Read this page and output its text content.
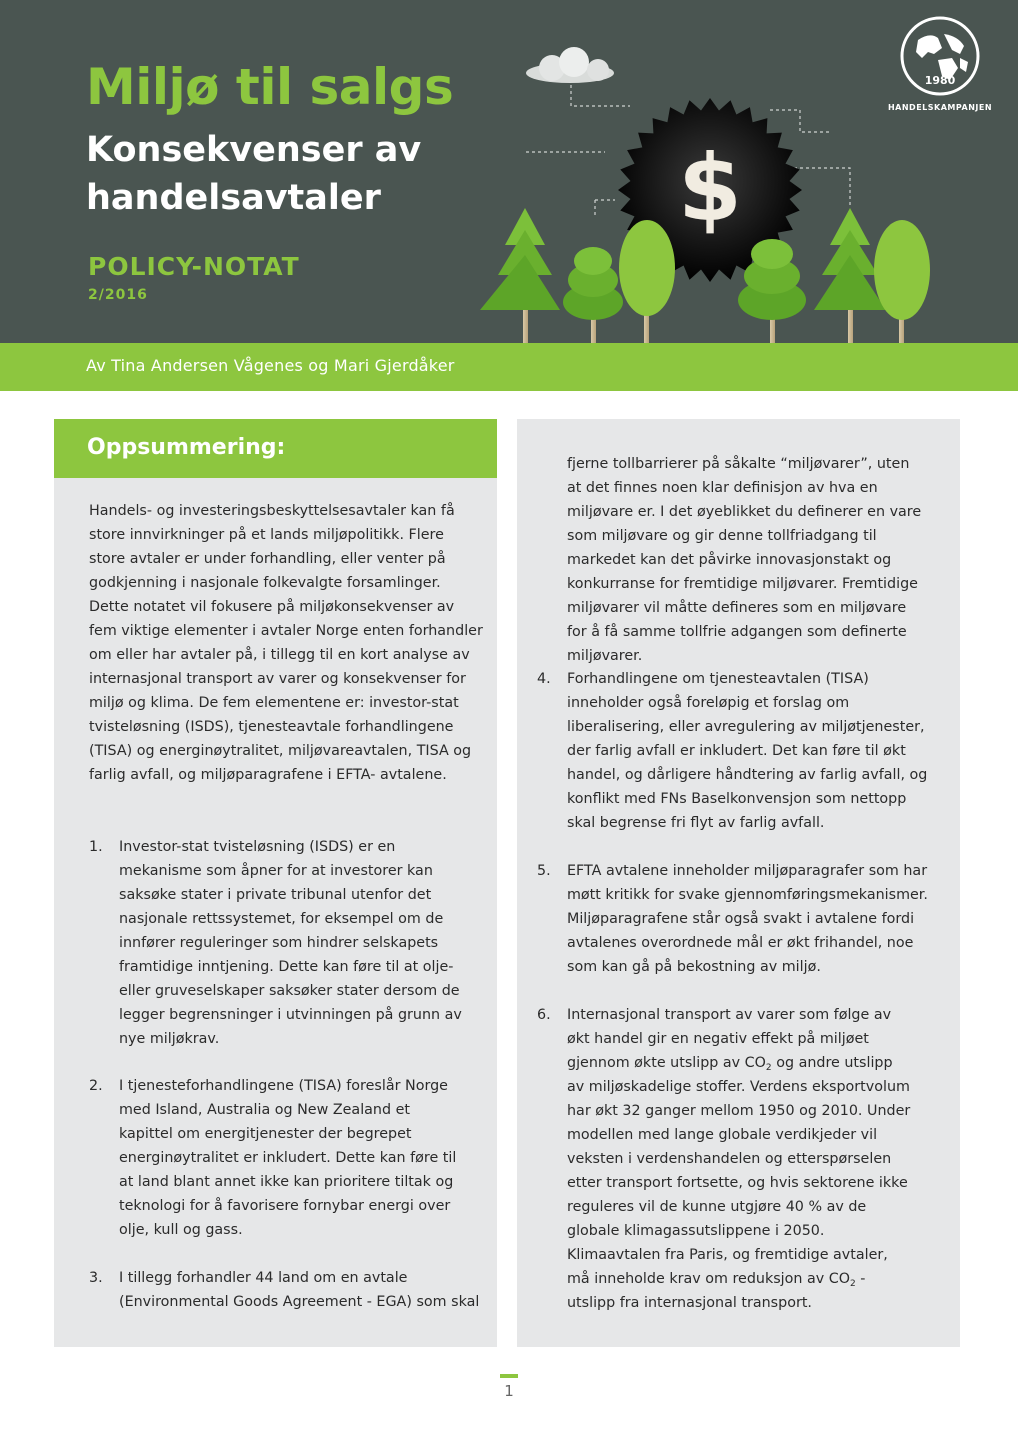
Miljø til salgs
Konsekvenser av handelsavtaler
POLICY-NOTAT
2/2016
$
1980
HANDELSKAMPANJEN
Av Tina Andersen Vågenes og Mari Gjerdåker
Oppsummering:

Handels- og investeringsbeskyttelsesavtaler kan få store innvirkninger på et lands miljøpolitikk. Flere store avtaler er under forhandling, eller venter på godkjenning i nasjonale folkevalgte forsamlinger. Dette notatet vil fokusere på miljøkonsekvenser av fem viktige elementer i avtaler Norge enten forhandler om eller har avtaler på, i tillegg til en kort analyse av internasjonal transport av varer og konsekvenser for miljø og klima. De fem elementene er: investor-stat tvisteløsning (ISDS), tjenesteavtale forhandlingene (TISA) og energinøytralitet, miljøvareavtalen, TISA og farlig avfall, og miljøparagrafene i EFTA- avtalene.

1.	Investor-stat tvisteløsning (ISDS) er en mekanisme som åpner for at investorer kan saksøke stater i private tribunal utenfor det nasjonale rettssystemet, for eksempel om de innfører reguleringer som hindrer selskapets framtidige inntjening. Dette kan føre til at olje- eller gruveselskaper saksøker stater dersom de legger begrensninger i utvinningen på grunn av nye miljøkrav.
2.	I tjenesteforhandlingene (TISA) foreslår Norge med Island, Australia og New Zealand et kapittel om energitjenester der begrepet energinøytralitet er inkludert. Dette kan føre til at land blant annet ikke kan prioritere tiltak og teknologi for å favorisere fornybar energi over olje, kull og gass.
3.	I tillegg forhandler 44 land om en avtale (Environmental Goods Agreement - EGA) som skal
fjerne tollbarrierer på såkalte “miljøvarer”, uten at det finnes noen klar definisjon av hva en miljøvare er. I det øyeblikket du definerer en vare som miljøvare og gir denne tollfriadgang til markedet kan det påvirke innovasjonstakt og konkurranse for fremtidige miljøvarer. Fremtidige miljøvarer vil måtte defineres som en miljøvare for å få samme tollfrie adgangen som definerte miljøvarer.
4.	Forhandlingene om tjenesteavtalen (TISA) inneholder også foreløpig et forslag om liberalisering, eller avregulering av miljøtjenester, der farlig avfall er inkludert. Det kan føre til økt handel, og dårligere håndtering av farlig avfall, og konflikt med FNs Baselkonvensjon som nettopp skal begrense fri flyt av farlig avfall.
5.	EFTA avtalene inneholder miljøparagrafer som har møtt kritikk for svake gjennomføringsmekanismer. Miljøparagrafene står også svakt i avtalene fordi avtalenes overordnede mål er økt frihandel, noe som kan gå på bekostning av miljø.
6.	Internasjonal transport av varer som følge av økt handel gir en negativ effekt på miljøet gjennom økte utslipp av $CO_2$ og andre utslipp av miljøskadelige stoffer. Verdens eksportvolum har økt 32 ganger mellom 1950 og 2010. Under modellen med lange globale verdikjeder vil veksten i verdenshandelen og etterspørselen etter transport fortsette, og hvis sektorene ikke reguleres vil de kunne utgjøre 40 % av de globale klimagassutslippene i 2050. Klimaavtalen fra Paris, og fremtidige avtaler, må inneholde krav om reduksjon av $CO_2$ - utslipp fra internasjonal transport.
1
